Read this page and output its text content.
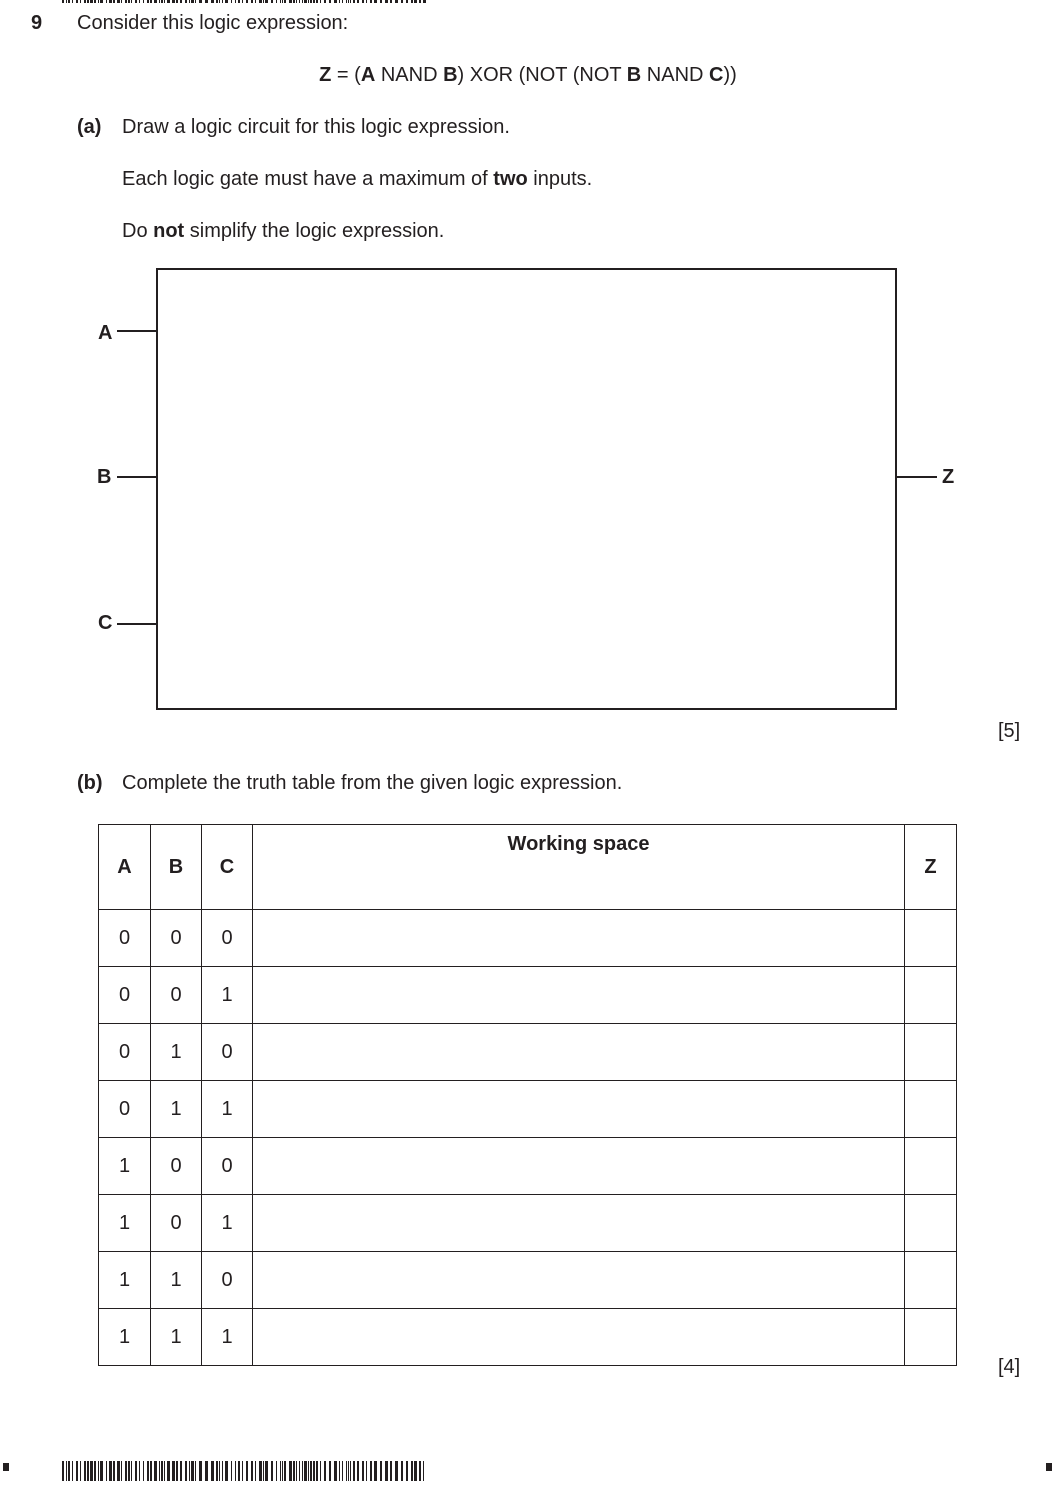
9 Consider this logic expression:
Z = (A NAND B) XOR (NOT (NOT B NAND C))
(a) Draw a logic circuit for this logic expression.
Each logic gate must have a maximum of two inputs.
Do not simplify the logic expression.
A
B
C
Z
[5]
(b) Complete the truth table from the given logic expression.
A	B	C	Working space	Z
0	0	0		
0	0	1		
0	1	0		
0	1	1		
1	0	0		
1	0	1		
1	1	0		
1	1	1		
[4]
